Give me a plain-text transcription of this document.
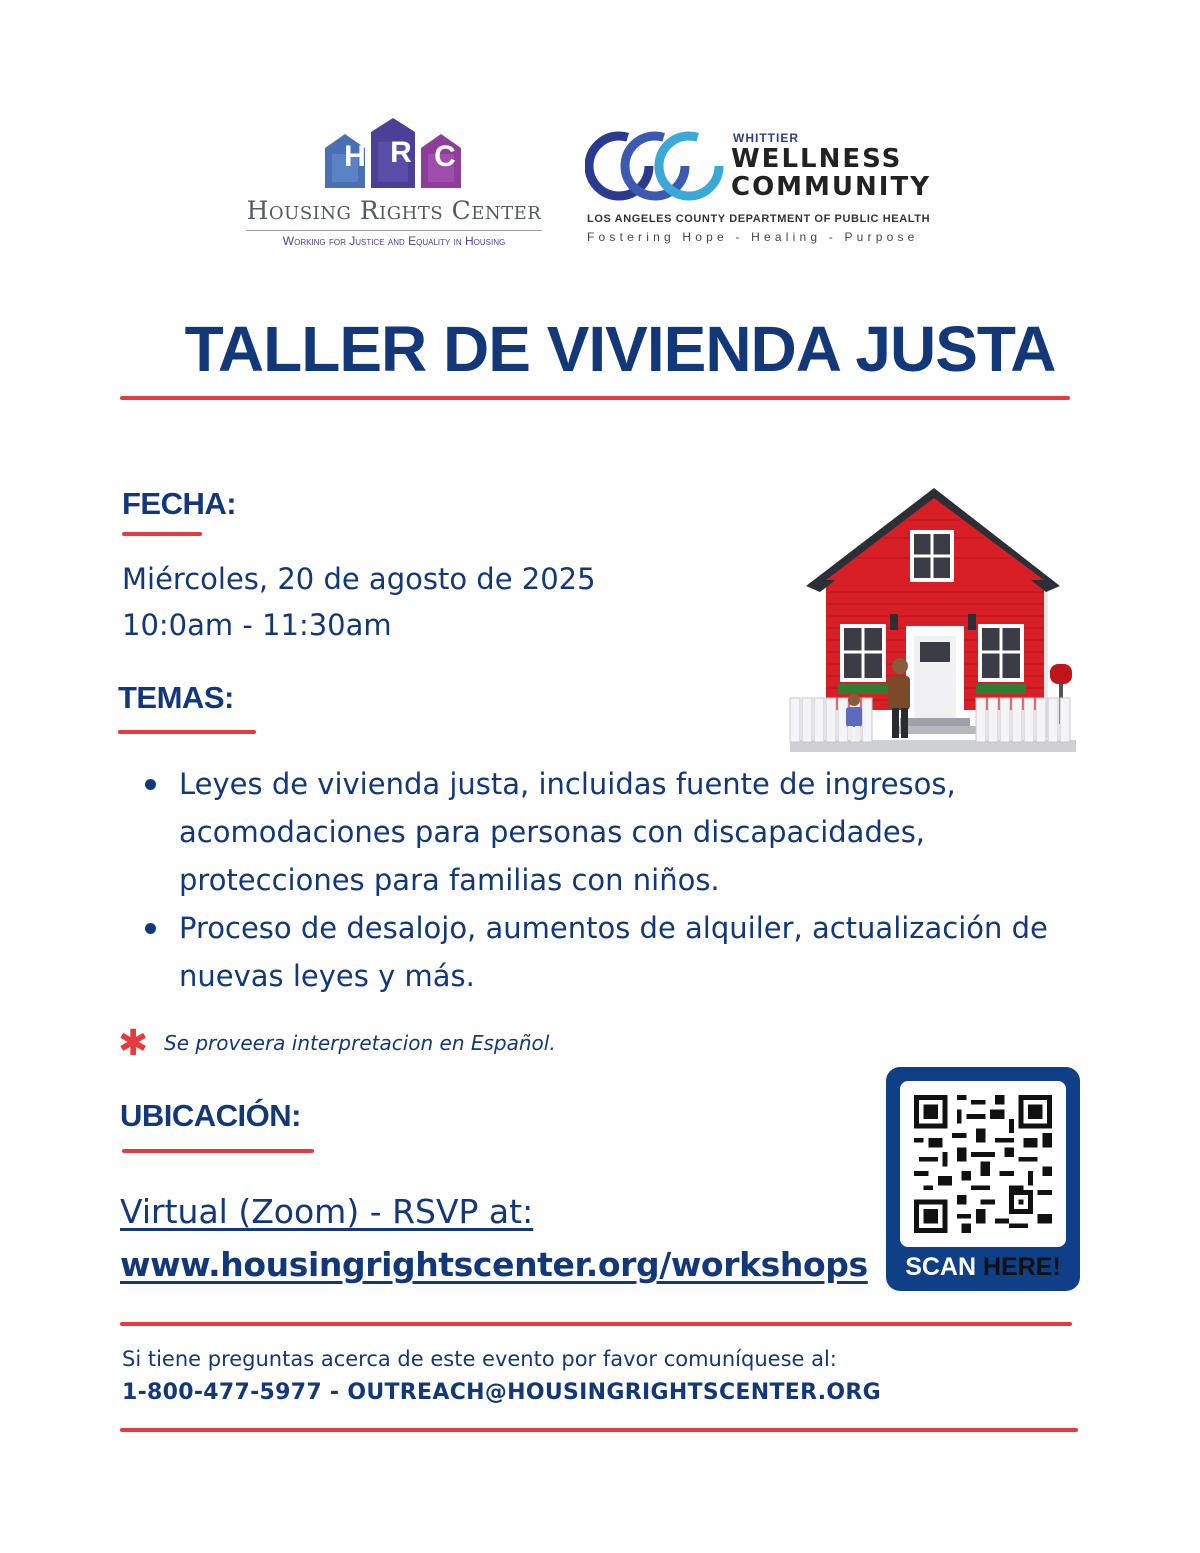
H R C
Housing Rights Center
Working for Justice and Equality in Housing
WHITTIER
WELLNESS
COMMUNITY
LOS ANGELES COUNTY DEPARTMENT OF PUBLIC HEALTH
Fostering Hope - Healing - Purpose
TALLER DE VIVIENDA JUSTA
FECHA:
Miércoles, 20 de agosto de 2025
10:0am - 11:30am
TEMAS:
Leyes de vivienda justa, incluidas fuente de ingresos, acomodaciones para personas con discapacidades, protecciones para familias con niños.
Proceso de desalojo, aumentos de alquiler, actualización de nuevas leyes y más.
✱ Se proveera interpretacion en Español.
UBICACIÓN:
Virtual (Zoom) - RSVP at:
www.housingrightscenter.org/workshops	SCAN HERE!
Si tiene preguntas acerca de este evento por favor comuníquese al:
1-800-477-5977 - OUTREACH@HOUSINGRIGHTSCENTER.ORG
